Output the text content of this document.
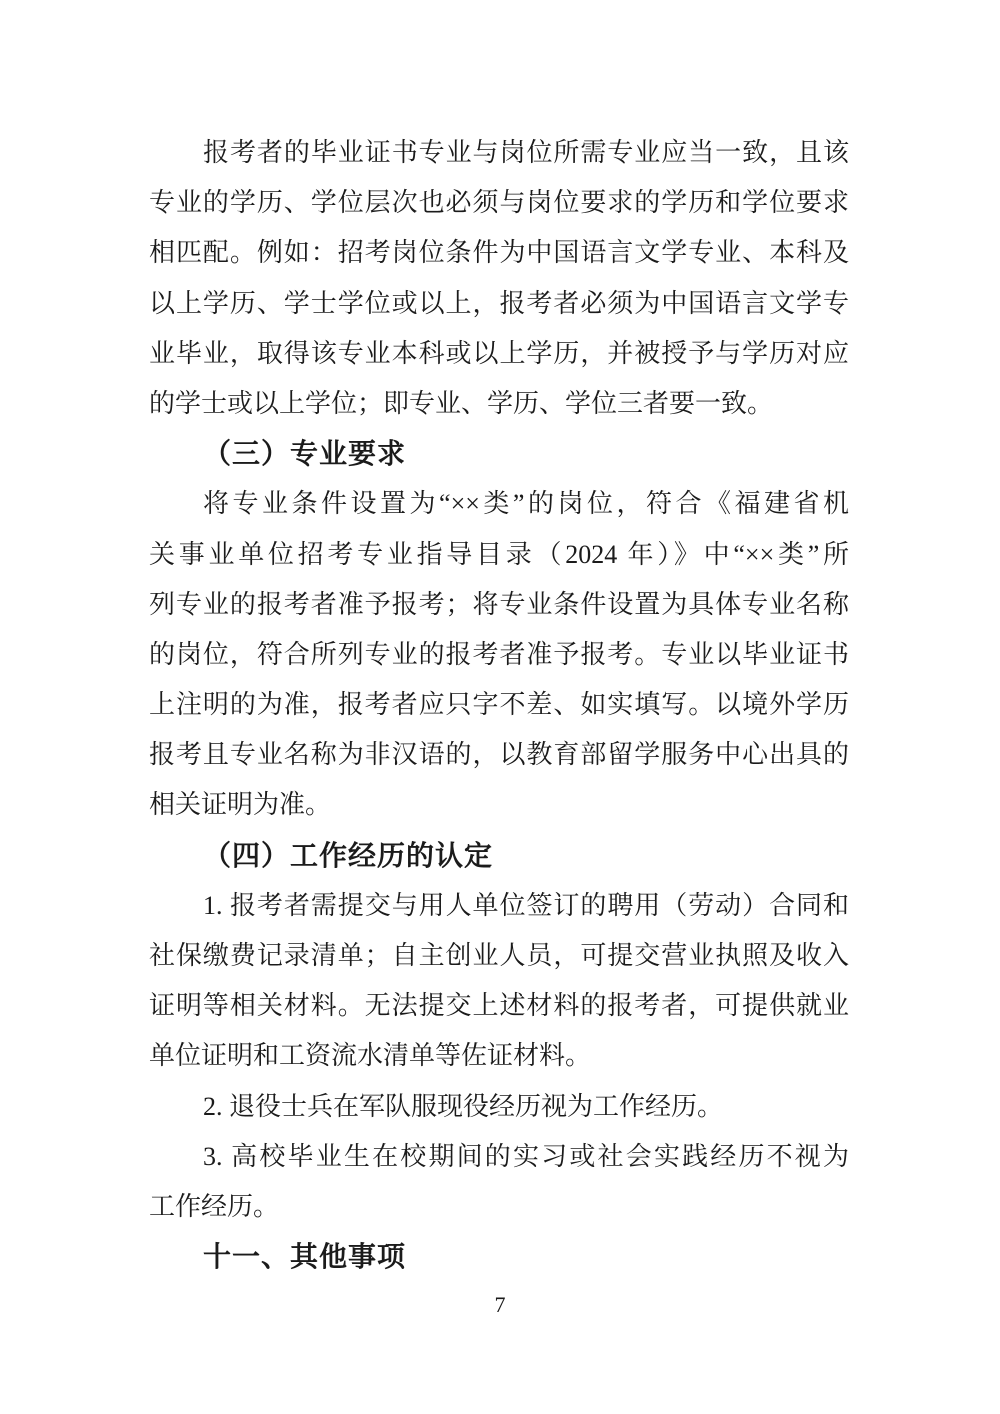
报考者的毕业证书专业与岗位所需专业应当一致，且该
专业的学历、学位层次也必须与岗位要求的学历和学位要求
相匹配。例如：招考岗位条件为中国语言文学专业、本科及
以上学历、学士学位或以上，报考者必须为中国语言文学专
业毕业，取得该专业本科或以上学历，并被授予与学历对应
的学士或以上学位；即专业、学历、学位三者要一致。
（三）专业要求
将专业条件设置为“××类”的岗位，符合《福建省机
关事业单位招考专业指导目录（2024 年）》中“××类”所
列专业的报考者准予报考；将专业条件设置为具体专业名称
的岗位，符合所列专业的报考者准予报考。专业以毕业证书
上注明的为准，报考者应只字不差、如实填写。以境外学历
报考且专业名称为非汉语的，以教育部留学服务中心出具的
相关证明为准。
（四）工作经历的认定
1. 报考者需提交与用人单位签订的聘用（劳动）合同和
社保缴费记录清单；自主创业人员，可提交营业执照及收入
证明等相关材料。无法提交上述材料的报考者，可提供就业
单位证明和工资流水清单等佐证材料。
2. 退役士兵在军队服现役经历视为工作经历。
3. 高校毕业生在校期间的实习或社会实践经历不视为
工作经历。
十一、其他事项
7
